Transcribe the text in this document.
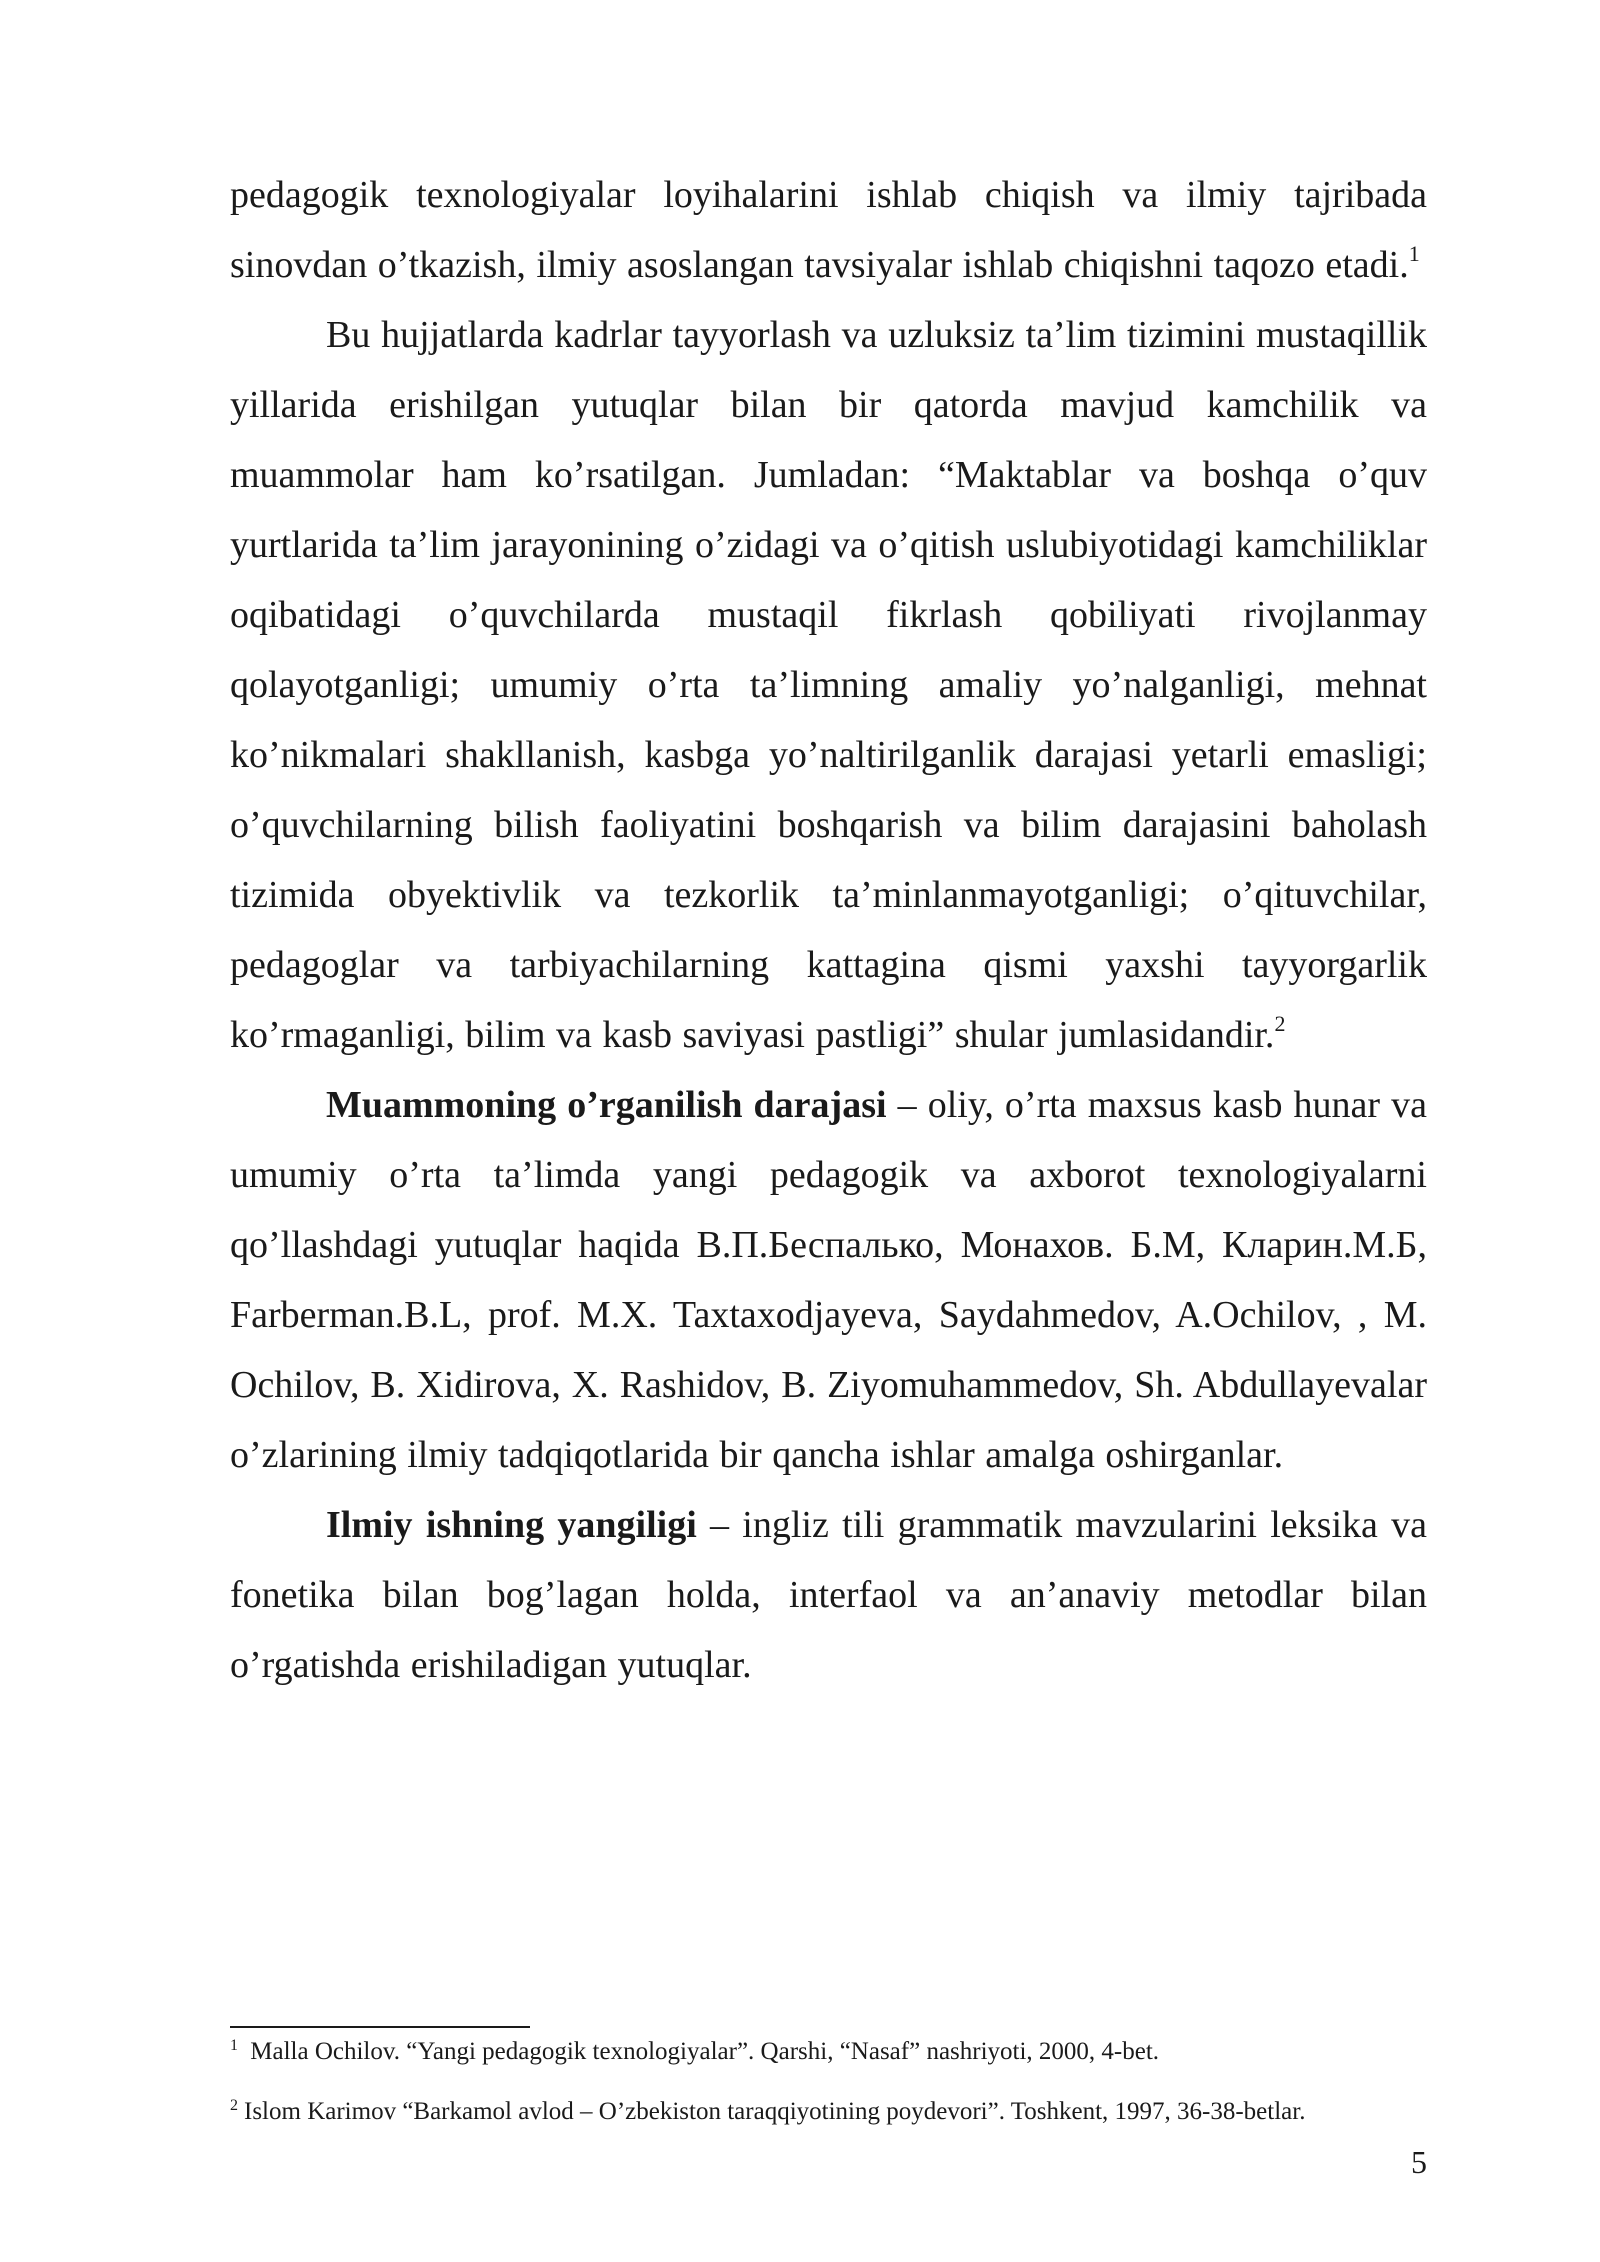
pedagogik texnologiyalar loyihalarini ishlab chiqish va ilmiy tajribada sinovdan o’tkazish, ilmiy asoslangan tavsiyalar ishlab chiqishni taqozo etadi.$^1$

Bu hujjatlarda kadrlar tayyorlash va uzluksiz ta’lim tizimini mustaqillik yillarida erishilgan yutuqlar bilan bir qatorda mavjud kamchilik va muammolar ham ko’rsatilgan. Jumladan: “Maktablar va boshqa o’quv yurtlarida ta’lim jarayonining o’zidagi va o’qitish uslubiyotidagi kamchiliklar oqibatidagi o’quvchilarda mustaqil fikrlash qobiliyati rivojlanmay qolayotganligi; umumiy o’rta ta’limning amaliy yo’nalganligi, mehnat ko’nikmalari shakllanish, kasbga yo’naltirilganlik darajasi yetarli emasligi; o’quvchilarning bilish faoliyatini boshqarish va bilim darajasini baholash tizimida obyektivlik va tezkorlik ta’minlanmayotganligi; o’qituvchilar, pedagoglar va tarbiyachilarning kattagina qismi yaxshi tayyorgarlik ko’rmaganligi, bilim va kasb saviyasi pastligi” shular jumlasidandir.$^2$

Muammoning o’rganilish darajasi – oliy, o’rta maxsus kasb hunar va umumiy o’rta ta’limda yangi pedagogik va axborot texnologiyalarni qo’llashdagi yutuqlar haqida В.П.Беспалько, Монахов. Б.М, Кларин.М.Б, Farberman.B.L, prof. M.X. Taxtaxodjayeva, Saydahmedov, A.Ochilov, , M. Ochilov, B. Xidirova, X. Rashidov, B. Ziyomuhammedov, Sh. Abdullayevalar o’zlarining ilmiy tadqiqotlarida bir qancha ishlar amalga oshirganlar.

Ilmiy ishning yangiligi – ingliz tili grammatik mavzularini leksika va fonetika bilan bog’lagan holda, interfaol va an’anaviy metodlar bilan o’rgatishda erishiladigan yutuqlar.

$^1$ Malla Ochilov. “Yangi pedagogik texnologiyalar”. Qarshi, “Nasaf” nashriyoti, 2000, 4-bet.

$^2$ Islom Karimov “Barkamol avlod – O’zbekiston taraqqiyotining poydevori”. Toshkent, 1997, 36-38-betlar.

5
